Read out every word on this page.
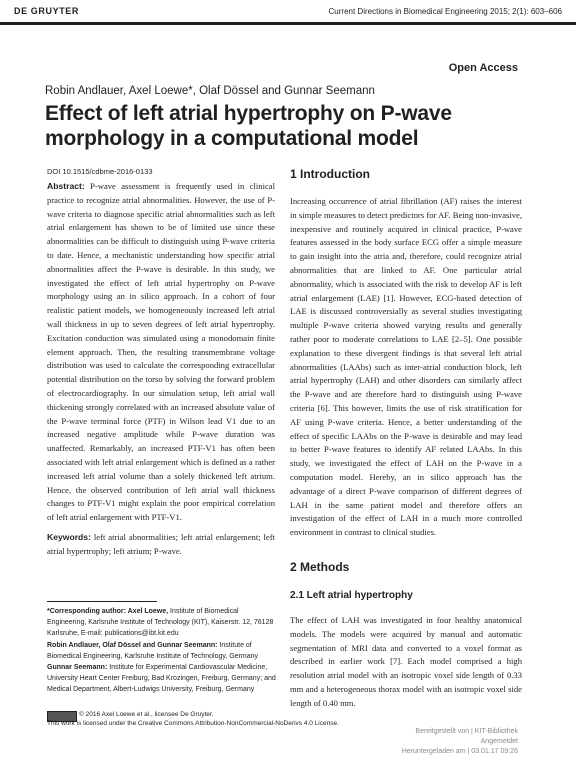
DE GRUYTER	Current Directions in Biomedical Engineering 2015; 2(1): 603–606
Open Access
Robin Andlauer, Axel Loewe*, Olaf Dössel and Gunnar Seemann
Effect of left atrial hypertrophy on P-wave
morphology in a computational model
DOI 10.1515/cdbme-2016-0133

Abstract: P-wave assessment is frequently used in clinical practice to recognize atrial abnormalities. However, the use of P-wave criteria to diagnose specific atrial abnormalities such as left atrial enlargement has shown to be of limited use since these abnormalities can be difficult to distinguish using P-wave criteria to date. Hence, a mechanistic understanding how specific atrial abnormalities affect the P-wave is desirable. In this study, we investigated the effect of left atrial hypertrophy on P-wave morphology using an in silico approach. In a cohort of four realistic patient models, we homogeneously increased left atrial wall thickness in up to seven degrees of left atrial hypertrophy. Excitation conduction was simulated using a monodomain finite element approach. Then, the resulting transmembrane voltage distribution was used to calculate the corresponding extracellular potential distribution on the torso by solving the forward problem of electrocardiography. In our simulation setup, left atrial wall thickening strongly correlated with an increased absolute value of the P-wave terminal force (PTF) in Wilson lead V1 due to an increased negative amplitude while P-wave duration was unaffected. Remarkably, an increased PTF-V1 has often been associated with left atrial enlargement which is defined as a rather increased left atrial volume than a solely thickened left atrium. Hence, the observed contribution of left atrial wall thickness changes to PTF-V1 might explain the poor empirical correlation of left atrial enlargement with PTF-V1.

Keywords: left atrial abnormalities; left atrial enlargement; left atrial hypertrophy; left atrium; P-wave.

*Corresponding author: Axel Loewe, Institute of Biomedical Engineering, Karlsruhe Institute of Technology (KIT), Kaiserstr. 12, 76128 Karlsruhe, E-mail: publications@ibt.kit.edu

Robin Andlauer, Olaf Dössel and Gunnar Seemann: Institute of Biomedical Engineering, Karlsruhe Institute of Technology, Germany

Gunnar Seemann: Institute for Experimental Cardiovascular Medicine, University Heart Center Freiburg, Bad Krozingen, Freiburg, Germany; and Medical Department, Albert-Ludwigs University, Freiburg, Germany

© 2016 Axel Loewe et al., licensee De Gruyter.

This work is licensed under the Creative Commons Attribution-NonCommercial-NoDerivs 4.0 License.

1 Introduction

Increasing occurrence of atrial fibrillation (AF) raises the interest in simple measures to detect predictors for AF. Being non-invasive, inexpensive and routinely acquired in clinical practice, P-wave features assessed in the body surface ECG offer a simple measure to gain insight into the atria and, therefore, could recognize atrial abnormalities that are linked to AF. One particular atrial abnormality, which is associated with the risk to develop AF is left atrial enlargement (LAE) [1]. However, ECG-based detection of LAE is discussed controversially as several studies investigating multiple P-wave criteria showed varying results and generally rather poor to moderate correlations to LAE [2–5]. One possible explanation to these divergent findings is that several left atrial abnormalities (LAAbs) such as inter-atrial conduction block, left atrial hypertrophy (LAH) and other disorders can similarly affect the P-wave and are therefore hard to distinguish using P-wave criteria [6]. This however, limits the use of risk stratification for AF using P-wave criteria. Hence, a better understanding of the effect of specific LAAbs on the P-wave is desirable and may lead to better P-wave features to identify AF related LAAbs. In this study, we investigated the effect of LAH on the P-wave in a computation model. Hereby, an in silico approach has the advantage of a direct P-wave comparison of different degrees of LAH in the same patient model and therefore offers an investigation of the effect of LAH in a much more controlled environment in contrast to clinical studies.

2 Methods
2.1 Left atrial hypertrophy

The effect of LAH was investigated in four healthy anatomical models. The models were acquired by manual and automatic segmentation of MRI data and converted to a voxel format as described in earlier work [7]. Each model comprised a high resolution atrial model with an isotropic voxel side length of 0.33 mm and a heterogeneous thorax model with an isotropic voxel side length of 0.40 mm.

Bereitgestellt von | KIT-Bibliothek
Angemeldet
Heruntergeladen am | 03.01.17 09:26
